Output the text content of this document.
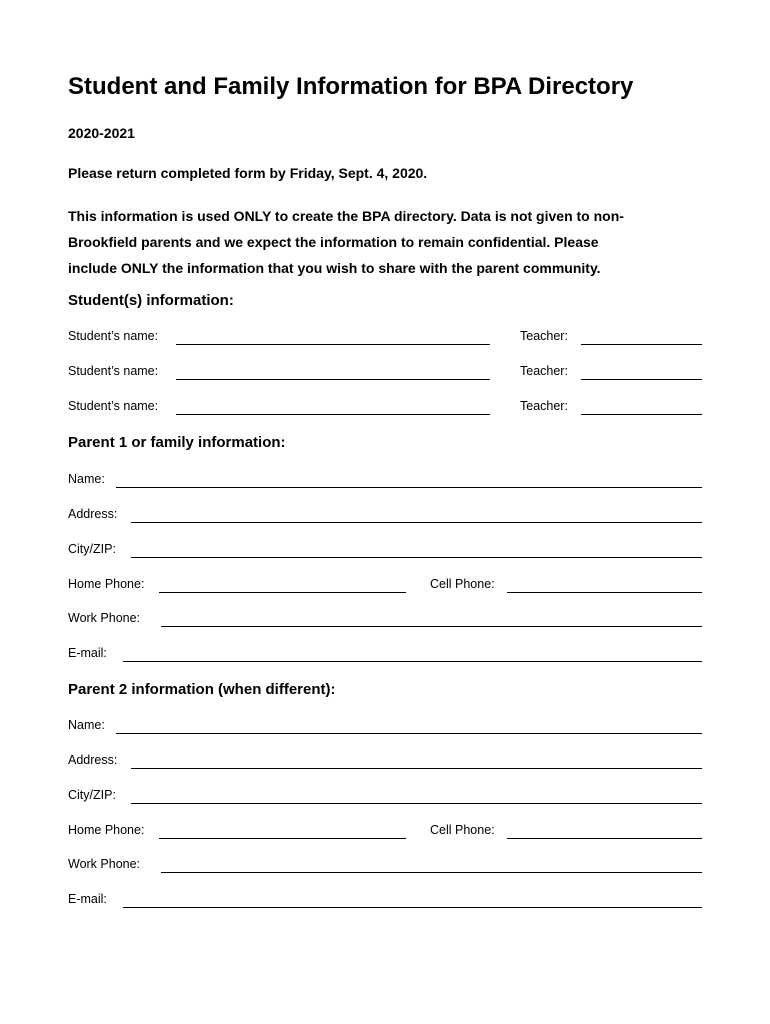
Student and Family Information for BPA Directory
2020-2021
Please return completed form by Friday, Sept. 4, 2020.
This information is used ONLY to create the BPA directory. Data is not given to non-
Brookfield parents and we expect the information to remain confidential. Please
include ONLY the information that you wish to share with the parent community.
Student(s) information:
Student’s name:	Teacher:
Student’s name:	Teacher:
Student’s name:	Teacher:
Parent 1 or family information:
Name:
Address:
City/ZIP:
Home Phone:	Cell Phone:
Work Phone:
E-mail:
Parent 2 information (when different):
Name:
Address:
City/ZIP:
Home Phone:	Cell Phone:
Work Phone:
E-mail:
